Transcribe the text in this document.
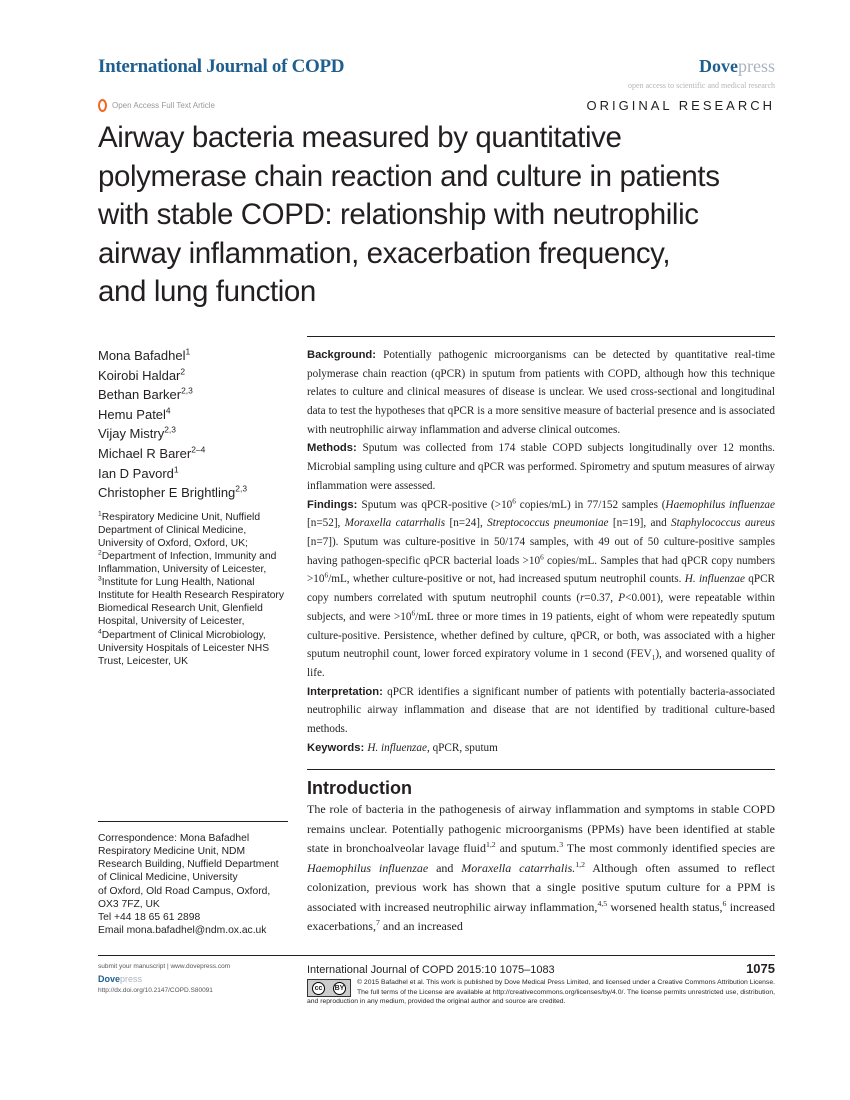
International Journal of COPD	Dovepress
open access to scientific and medical research
Open Access Full Text Article	ORIGINAL RESEARCH
Airway bacteria measured by quantitative
polymerase chain reaction and culture in patients
with stable COPD: relationship with neutrophilic
airway inflammation, exacerbation frequency,
and lung function
Mona Bafadhel$^1$
Koirobi Haldar$^2$
Bethan Barker$^{2,3}$
Hemu Patel$^4$
Vijay Mistry$^{2,3}$
Michael R Barer$^{2-4}$
Ian D Pavord$^1$
Christopher E Brightling$^{2,3}$
$^1$Respiratory Medicine Unit, Nuffield Department of Clinical Medicine, University of Oxford, Oxford, UK; $^2$Department of Infection, Immunity and Inflammation, University of Leicester, $^3$Institute for Lung Health, National Institute for Health Research Respiratory Biomedical Research Unit, Glenfield Hospital, University of Leicester, $^4$Department of Clinical Microbiology, University Hospitals of Leicester NHS Trust, Leicester, UK
Correspondence: Mona Bafadhel
Respiratory Medicine Unit, NDM
Research Building, Nuffield Department
of Clinical Medicine, University
of Oxford, Old Road Campus, Oxford,
OX3 7FZ, UK
Tel +44 18 65 61 2898
Email mona.bafadhel@ndm.ox.ac.uk

Background: Potentially pathogenic microorganisms can be detected by quantitative real-time polymerase chain reaction (qPCR) in sputum from patients with COPD, although how this technique relates to culture and clinical measures of disease is unclear. We used cross-sectional and longitudinal data to test the hypotheses that qPCR is a more sensitive measure of bacterial presence and is associated with neutrophilic airway inflammation and adverse clinical outcomes.

Methods: Sputum was collected from 174 stable COPD subjects longitudinally over 12 months. Microbial sampling using culture and qPCR was performed. Spirometry and sputum measures of airway inflammation were assessed.

Findings: Sputum was qPCR-positive ($>10^6$ copies/mL) in 77/152 samples (Haemophilus influenzae [n=52], Moraxella catarrhalis [n=24], Streptococcus pneumoniae [n=19], and Staphylococcus aureus [n=7]). Sputum was culture-positive in 50/174 samples, with 49 out of 50 culture-positive samples having pathogen-specific qPCR bacterial loads $>10^6$ copies/mL. Samples that had qPCR copy numbers $>10^6/mL$, whether culture-positive or not, had increased sputum neutrophil counts. H. influenzae qPCR copy numbers correlated with sputum neutrophil counts (r=0.37, P<0.001), were repeatable within subjects, and were $>10^6/mL$ three or more times in 19 patients, eight of whom were repeatedly sputum culture-positive. Persistence, whether defined by culture, qPCR, or both, was associated with a higher sputum neutrophil count, lower forced expiratory volume in 1 second $(FEV_1)$, and worsened quality of life.

Interpretation: qPCR identifies a significant number of patients with potentially bacteria-associated neutrophilic airway inflammation and disease that are not identified by traditional culture-based methods.

Keywords: H. influenzae, qPCR, sputum

Introduction
The role of bacteria in the pathogenesis of airway inflammation and symptoms in stable COPD remains unclear. Potentially pathogenic microorganisms (PPMs) have been identified at stable state in bronchoalveolar lavage fluid$^{1,2}$ and sputum.$^3$ The most commonly identified species are Haemophilus influenzae and Moraxella catarrhalis.$^{1,2}$ Although often assumed to reflect colonization, previous work has shown that a single positive sputum culture for a PPM is associated with increased neutrophilic airway inflammation,$^{4,5}$ worsened health status,$^6$ increased exacerbations,$^7$ and an increased
submit your manuscript | www.dovepress.com
Dovepress
http://dx.doi.org/10.2147/COPD.S80091
International Journal of COPD 2015:10 1075–1083	1075
cc	BY
© 2015 Bafadhel et al. This work is published by Dove Medical Press Limited, and licensed under a Creative Commons Attribution License. The full terms of the License are available at http://creativecommons.org/licenses/by/4.0/. The license permits unrestricted use, distribution, and reproduction in any medium, provided the original author and source are credited.
